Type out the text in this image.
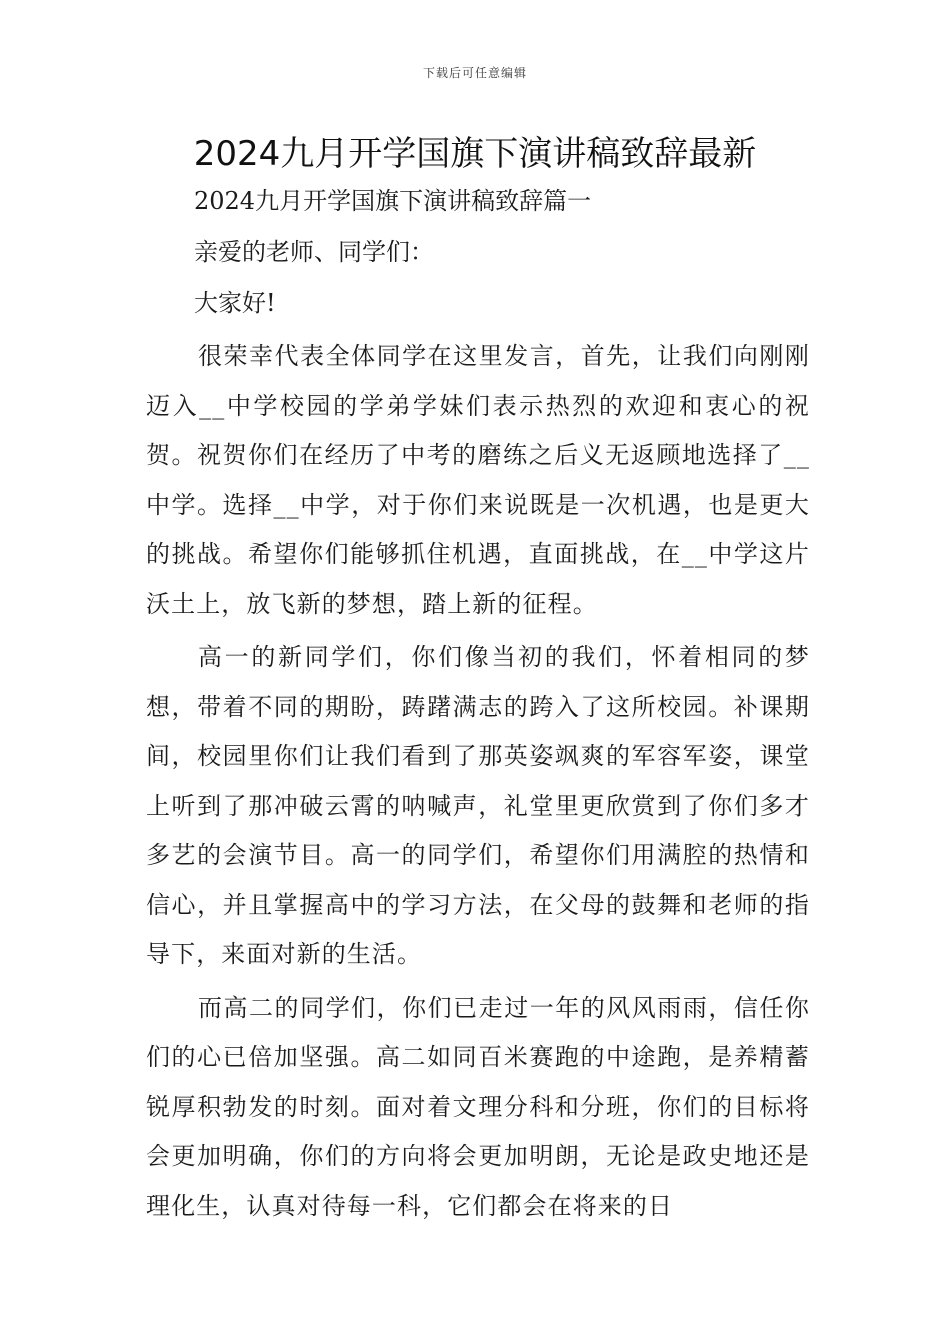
下载后可任意编辑
2024九月开学国旗下演讲稿致辞最新

2024九月开学国旗下演讲稿致辞篇一

亲爱的老师、同学们：

大家好!

很荣幸代表全体同学在这里发言，首先，让我们向刚刚迈入__中学校园的学弟学妹们表示热烈的欢迎和衷心的祝贺。祝贺你们在经历了中考的磨练之后义无返顾地选择了__中学。选择__中学，对于你们来说既是一次机遇，也是更大的挑战。希望你们能够抓住机遇，直面挑战，在__中学这片沃土上，放飞新的梦想，踏上新的征程。

高一的新同学们，你们像当初的我们，怀着相同的梦想，带着不同的期盼，踌躇满志的跨入了这所校园。补课期间，校园里你们让我们看到了那英姿飒爽的军容军姿，课堂上听到了那冲破云霄的呐喊声，礼堂里更欣赏到了你们多才多艺的会演节目。高一的同学们，希望你们用满腔的热情和信心，并且掌握高中的学习方法，在父母的鼓舞和老师的指导下，来面对新的生活。

而高二的同学们，你们已走过一年的风风雨雨，信任你们的心已倍加坚强。高二如同百米赛跑的中途跑，是养精蓄锐厚积勃发的时刻。面对着文理分科和分班，你们的目标将会更加明确，你们的方向将会更加明朗，无论是政史地还是理化生，认真对待每一科，它们都会在将来的日
